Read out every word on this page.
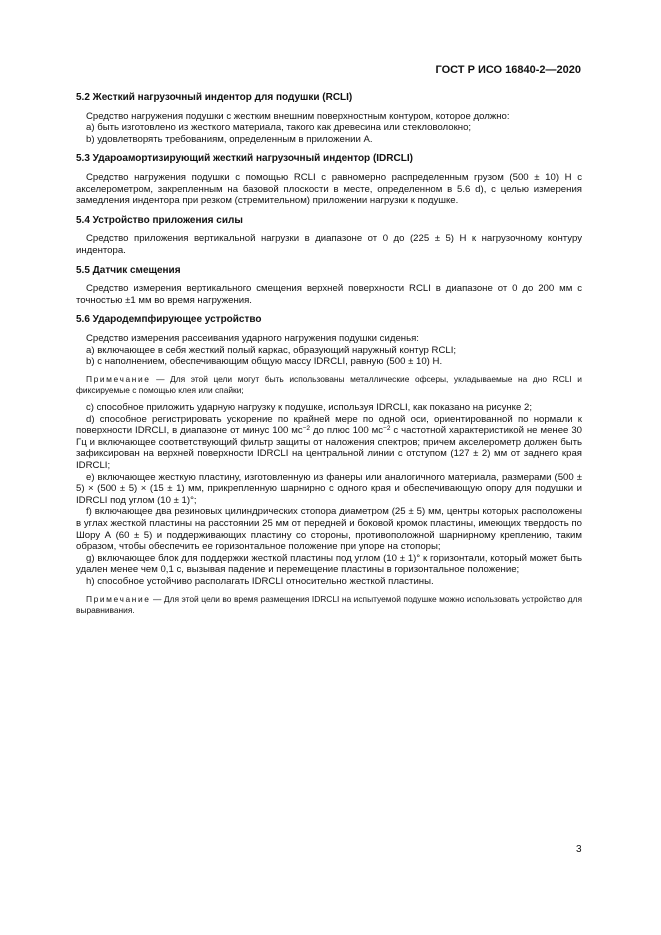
ГОСТ Р ИСО 16840-2—2020
5.2 Жесткий нагрузочный индентор для подушки (RCLI)

Средство нагружения подушки с жестким внешним поверхностным контуром, которое должно:

a) быть изготовлено из жесткого материала, такого как древесина или стекловолокно;

b) удовлетворять требованиям, определенным в приложении А.

5.3 Удароамортизирующий жесткий нагрузочный индентор (IDRCLI)

Средство нагружения подушки с помощью RCLI с равномерно распределенным грузом (500 ± 10) Н с акселерометром, закрепленным на базовой плоскости в месте, определенном в 5.6 d), с целью измерения замедления индентора при резком (стремительном) приложении нагрузки к подушке.

5.4 Устройство приложения силы

Средство приложения вертикальной нагрузки в диапазоне от 0 до (225 ± 5) Н к нагрузочному контуру индентора.

5.5 Датчик смещения

Средство измерения вертикального смещения верхней поверхности RCLI в диапазоне от 0 до 200 мм с точностью ±1 мм во время нагружения.

5.6 Удародемпфирующее устройство

Средство измерения рассеивания ударного нагружения подушки сиденья:

a) включающее в себя жесткий полый каркас, образующий наружный контур RCLI;

b) с наполнением, обеспечивающим общую массу IDRCLI, равную (500 ± 10) Н.

Примечание — Для этой цели могут быть использованы металлические офсеры, укладываемые на дно RCLI и фиксируемые с помощью клея или спайки;

c) способное приложить ударную нагрузку к подушке, используя IDRCLI, как показано на рисунке 2;

d) способное регистрировать ускорение по крайней мере по одной оси, ориентированной по нормали к поверхности IDRCLI, в диапазоне от минус 100 $мс^{-2}$ до плюс 100 $мс^{-2}$ с частотной характеристикой не менее 30 Гц и включающее соответствующий фильтр защиты от наложения спектров; причем акселерометр должен быть зафиксирован на верхней поверхности IDRCLI на центральной линии с отступом (127 ± 2) мм от заднего края IDRCLI;

e) включающее жесткую пластину, изготовленную из фанеры или аналогичного материала, размерами (500 ± 5) × (500 ± 5) × (15 ± 1) мм, прикрепленную шарнирно с одного края и обеспечивающую опору для подушки и IDRCLI под углом (10 ± 1)°;

f) включающее два резиновых цилиндрических стопора диаметром (25 ± 5) мм, центры которых расположены в углах жесткой пластины на расстоянии 25 мм от передней и боковой кромок пластины, имеющих твердость по Шору А (60 ± 5) и поддерживающих пластину со стороны, противоположной шарнирному креплению, таким образом, чтобы обеспечить ее горизонтальное положение при упоре на стопоры;

g) включающее блок для поддержки жесткой пластины под углом (10 ± 1)° к горизонтали, который может быть удален менее чем 0,1 с, вызывая падение и перемещение пластины в горизонтальное положение;

h) способное устойчиво располагать IDRCLI относительно жесткой пластины.

Примечание — Для этой цели во время размещения IDRCLI на испытуемой подушке можно использовать устройство для выравнивания.

3
